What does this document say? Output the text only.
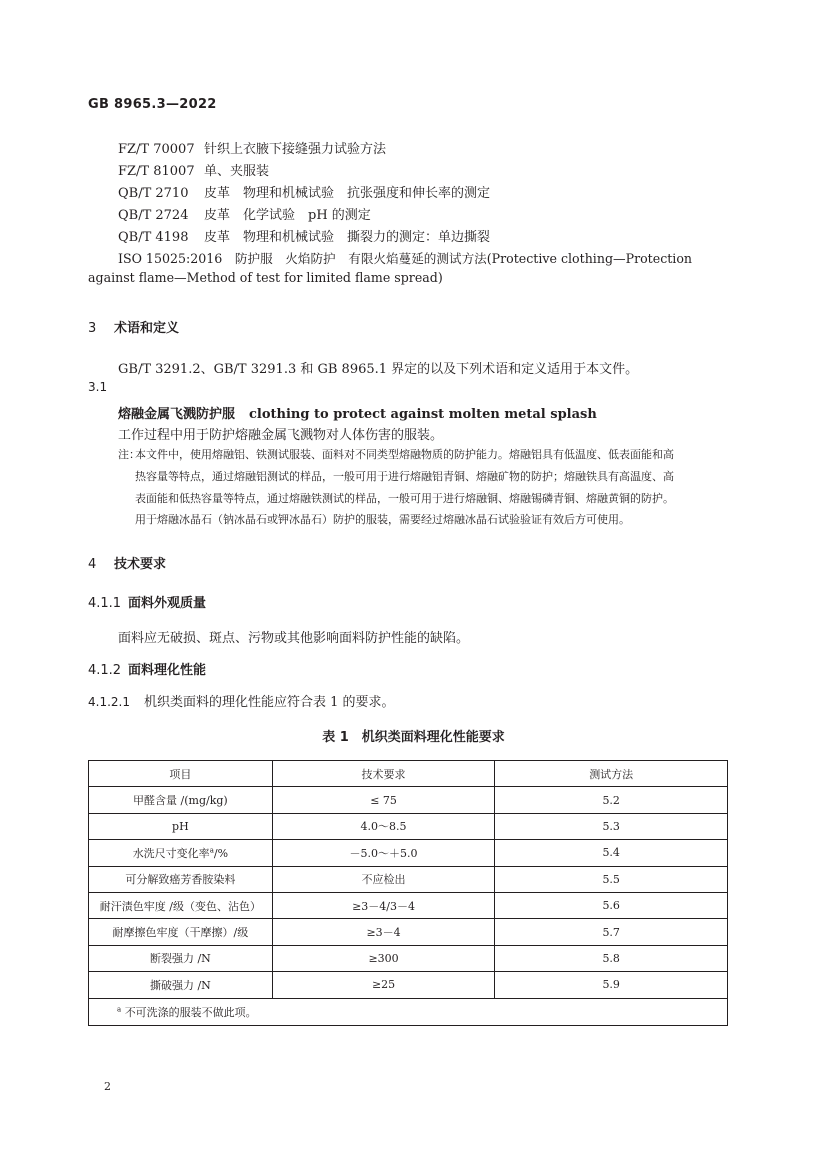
GB 8965.3—2022
FZ/T 70007 针织上衣腋下接缝强力试验方法
FZ/T 81007 单、夹服装
QB/T 2710 皮革　物理和机械试验　抗张强度和伸长率的测定
QB/T 2724 皮革　化学试验　pH 的测定
QB/T 4198 皮革　物理和机械试验　撕裂力的测定：单边撕裂
ISO 15025:2016　防护服　火焰防护　有限火焰蔓延的测试方法(Protective clothing—Protection
against flame—Method of test for limited flame spread)
3 术语和定义
GB/T 3291.2、GB/T 3291.3 和 GB 8965.1 界定的以及下列术语和定义适用于本文件。
3.1
熔融金属飞溅防护服 clothing to protect against molten metal splash
工作过程中用于防护熔融金属飞溅物对人体伤害的服装。
注：
本文件中，使用熔融铝、铁测试服装、面料对不同类型熔融物质的防护能力。熔融铝具有低温度、低表面能和高
热容量等特点，通过熔融铝测试的样品，一般可用于进行熔融铝青铜、熔融矿物的防护；熔融铁具有高温度、高
表面能和低热容量等特点，通过熔融铁测试的样品，一般可用于进行熔融铜、熔融锡磷青铜、熔融黄铜的防护。
用于熔融冰晶石（钠冰晶石或钾冰晶石）防护的服装，需要经过熔融冰晶石试验验证有效后方可使用。
4 技术要求
4.1.1 面料外观质量
面料应无破损、斑点、污物或其他影响面料防护性能的缺陷。
4.1.2 面料理化性能
4.1.2.1 机织类面料的理化性能应符合表 1 的要求。
表 1　机织类面料理化性能要求
项目	技术要求	测试方法
甲醛含量 /(mg/kg)	≤ 75	5.2
pH	4.0～8.5	5.3
水洗尺寸变化率$^a$/%	－5.0～＋5.0	5.4
可分解致癌芳香胺染料	不应检出	5.5
耐汗渍色牢度 /级（变色、沾色）	≥3－4/3－4	5.6
耐摩擦色牢度（干摩擦）/级	≥3－4	5.7
断裂强力 /N	≥300	5.8
撕破强力 /N	≥25	5.9
$^a$ 不可洗涤的服装不做此项。		
2
